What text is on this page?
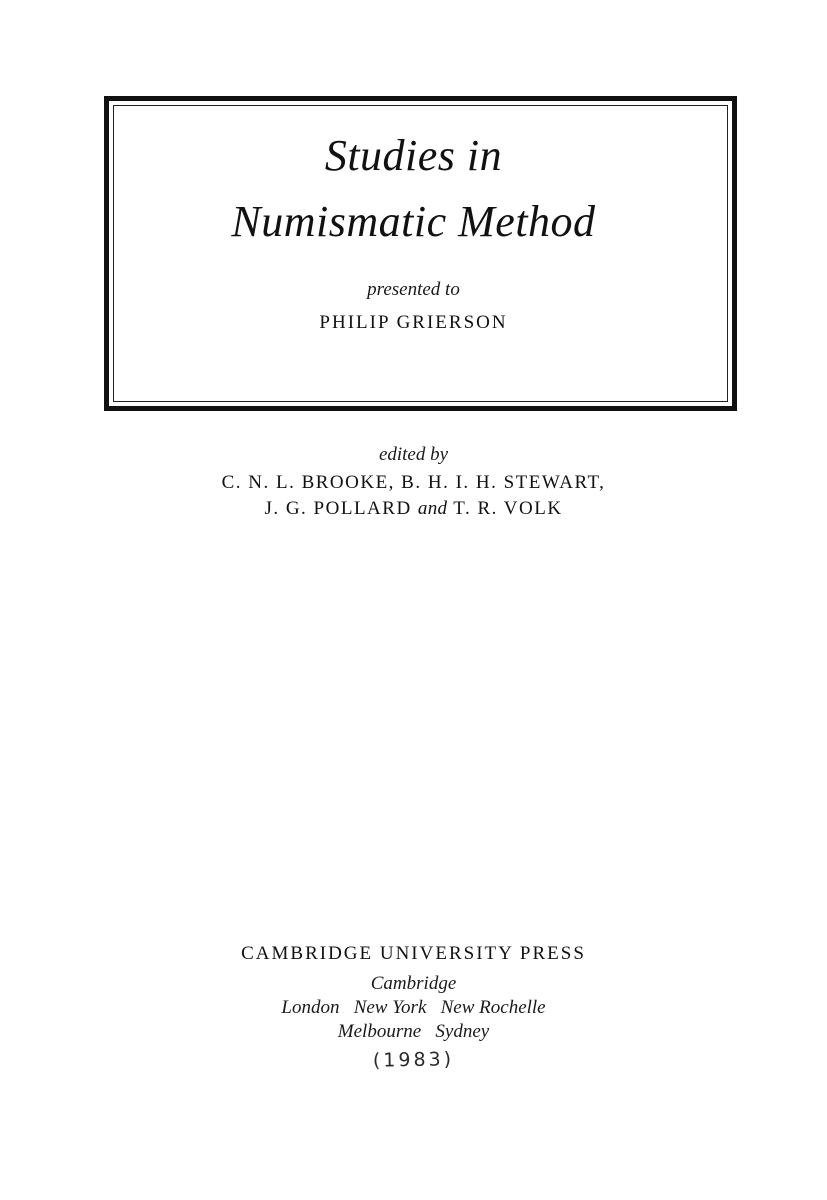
Studies in
Numismatic Method
presented to
PHILIP GRIERSON
edited by
C. N. L. BROOKE, B. H. I. H. STEWART,
J. G. POLLARD and T. R. VOLK
CAMBRIDGE UNIVERSITY PRESS
Cambridge
London   New York   New Rochelle
Melbourne   Sydney
(1983)
